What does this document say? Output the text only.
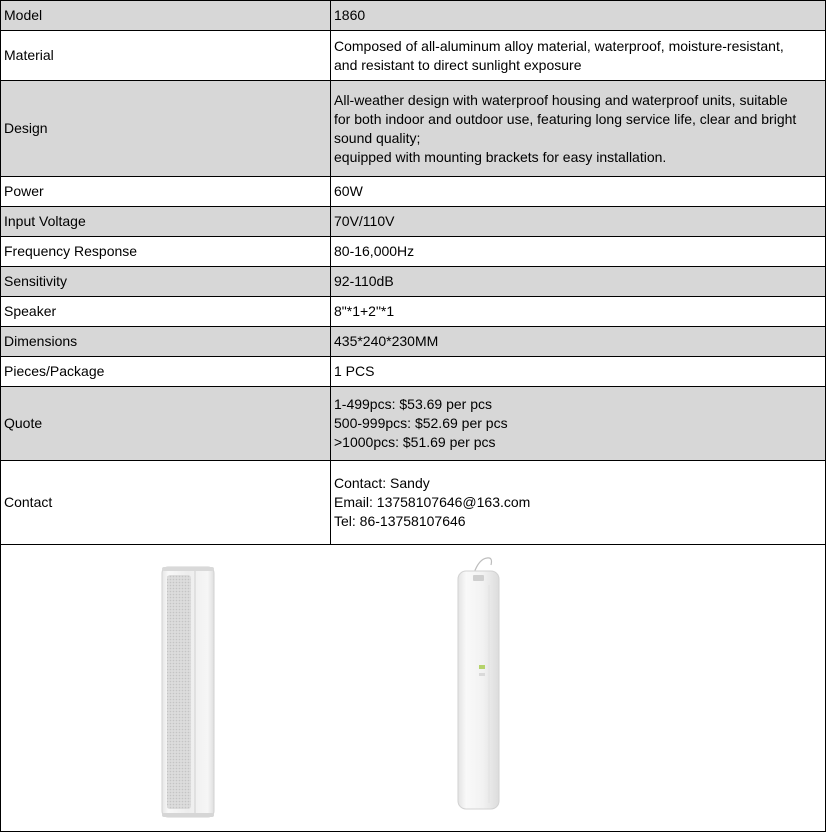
Model	1860

Material	Composed of all-aluminum alloy material, waterproof, moisture-resistant,
and resistant to direct sunlight exposure

Design	All-weather design with waterproof housing and waterproof units, suitable
for both indoor and outdoor use, featuring long service life, clear and bright
sound quality;
equipped with mounting brackets for easy installation.

Power	60W

Input Voltage	70V/110V

Frequency Response	80-16,000Hz

Sensitivity	92-110dB

Speaker	8"*1+2"*1

Dimensions	435*240*230MM

Pieces/Package	1 PCS

Quote	1-499pcs: $53.69 per pcs
500-999pcs: $52.69 per pcs
>1000pcs: $51.69 per pcs

Contact	Contact: Sandy
Email: 13758107646@163.com
Tel: 86-13758107646
